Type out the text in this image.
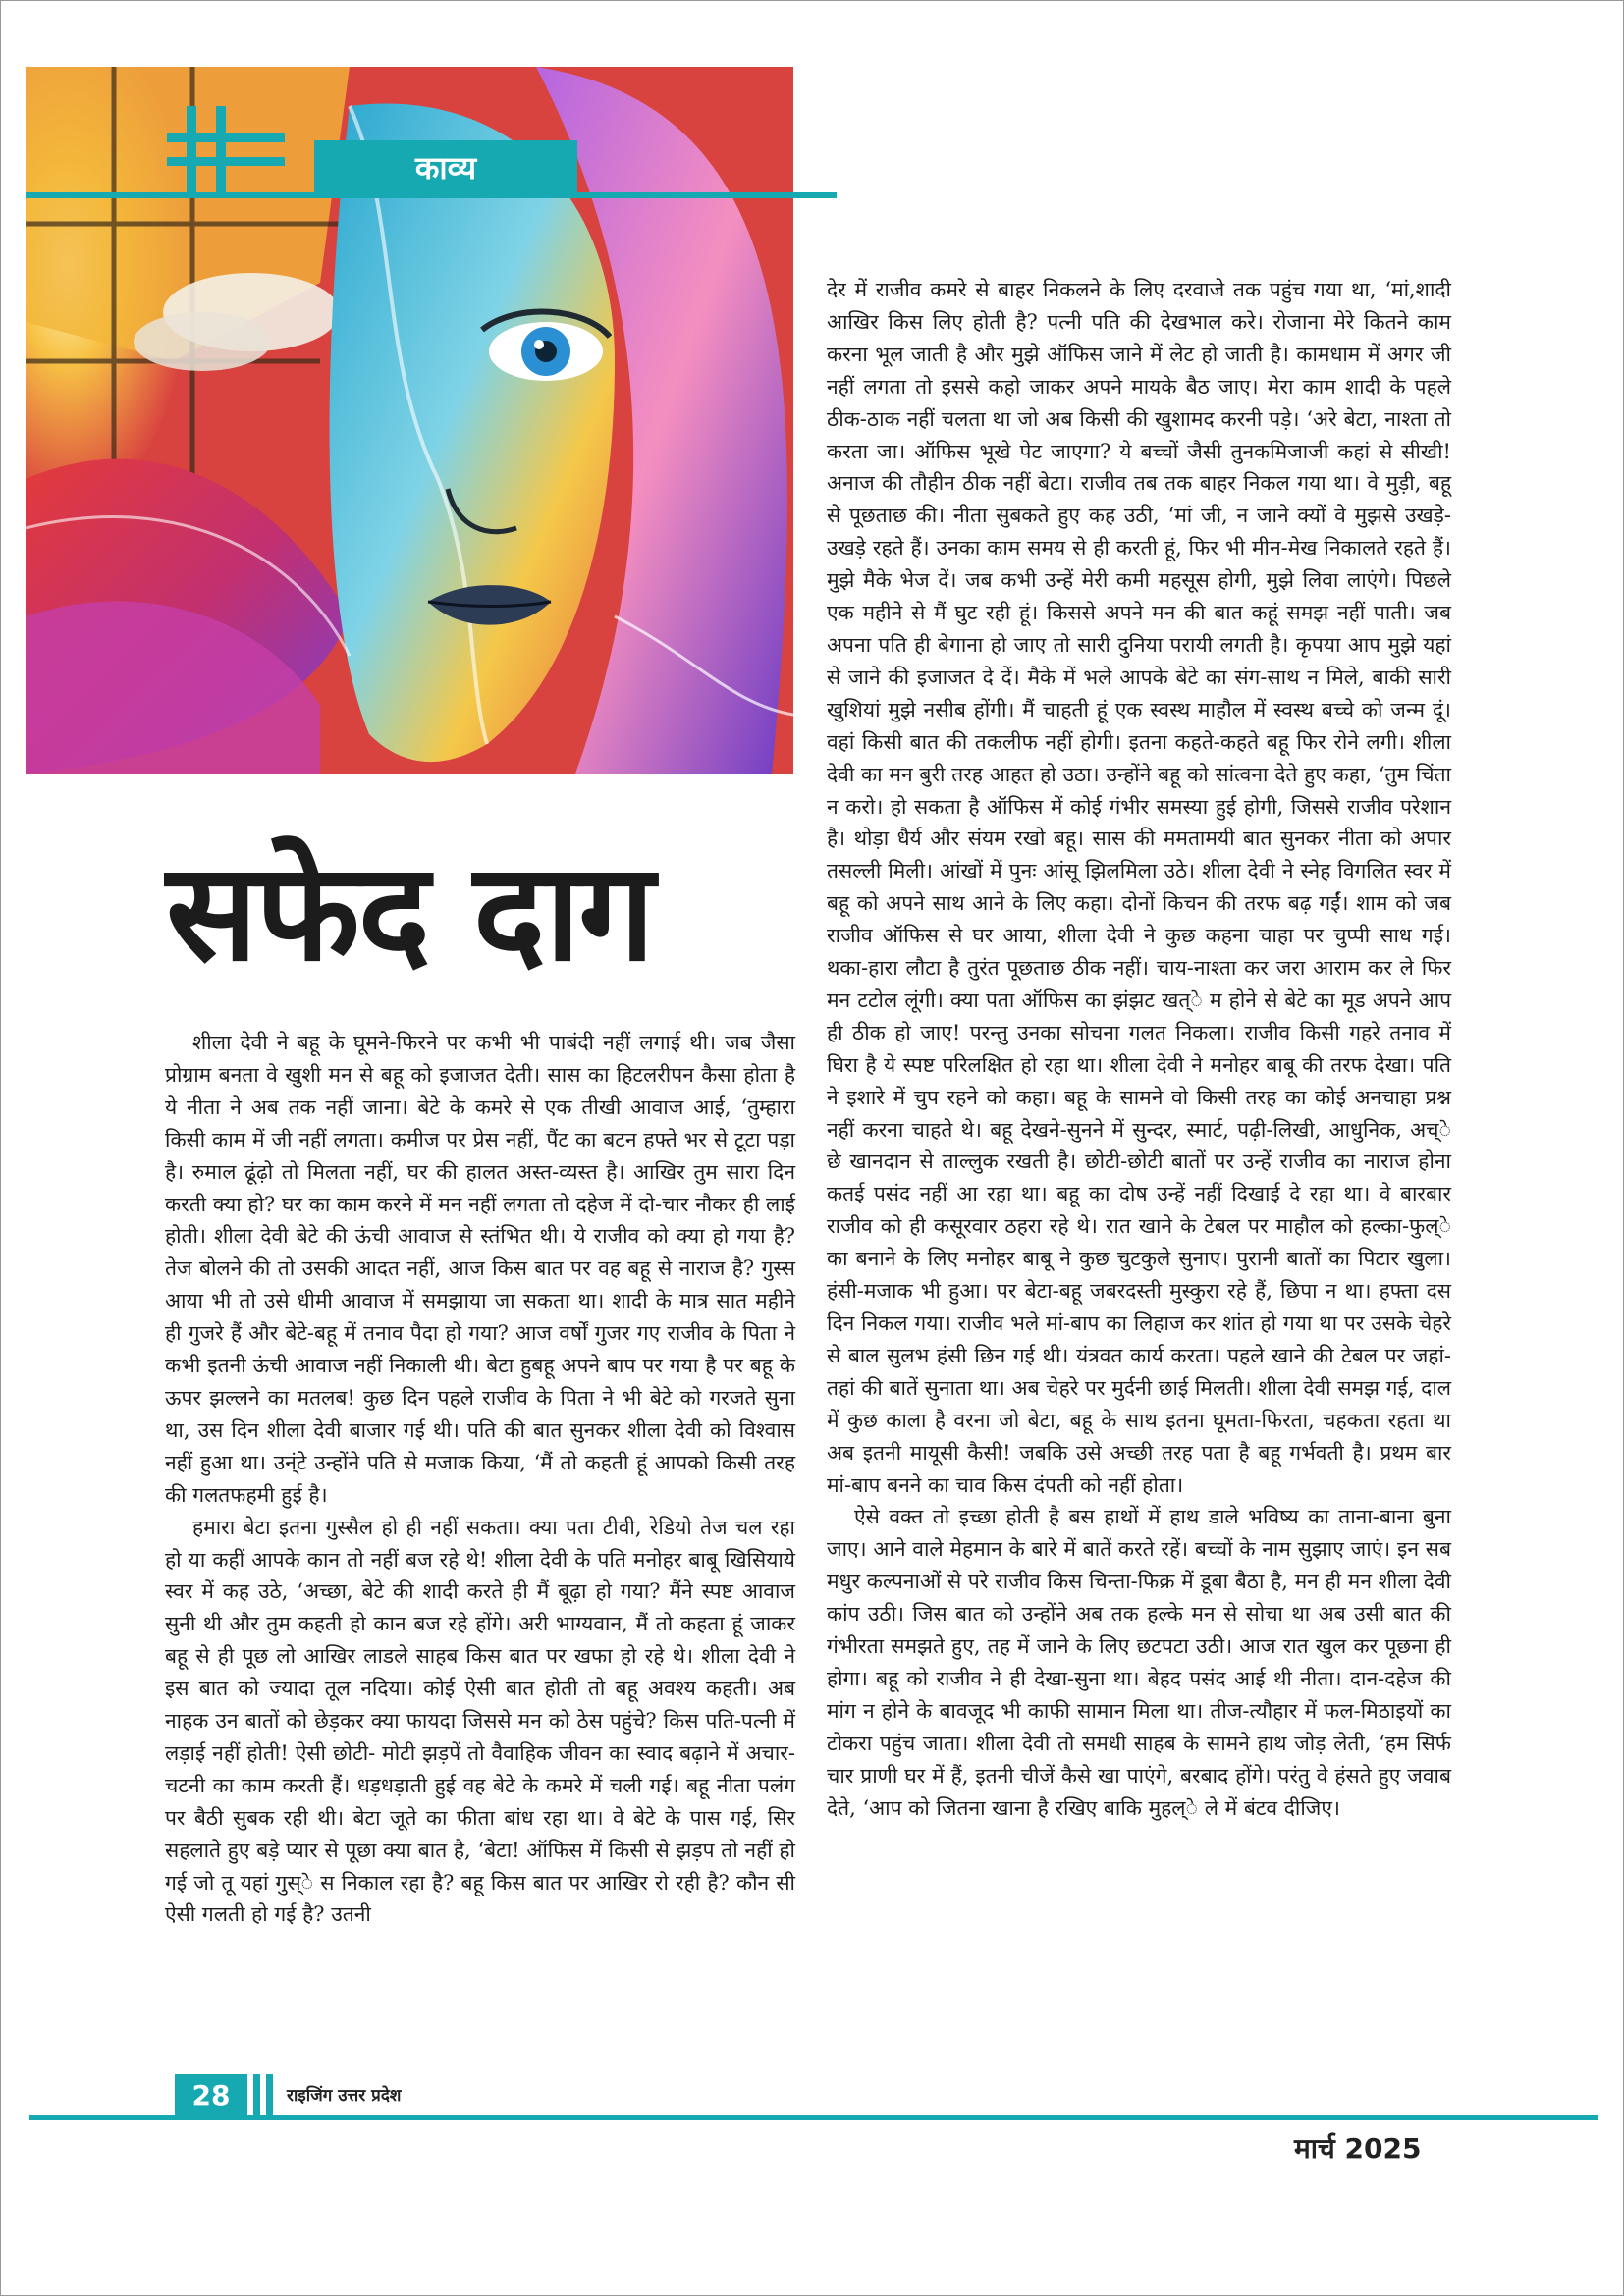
काव्य
सफेद दाग

शीला देवी ने बहू के घूमने-फिरने पर कभी भी पाबंदी नहीं लगाई थी। जब जैसा प्रोग्राम बनता वे खुशी मन से बहू को इजाजत देती। सास का हिटलरीपन कैसा होता है ये नीता ने अब तक नहीं जाना। बेटे के कमरे से एक तीखी आवाज आई, ‘तुम्हारा किसी काम में जी नहीं लगता। कमीज पर प्रेस नहीं, पैंट का बटन हफ्ते भर से टूटा पड़ा है। रुमाल ढूंढ़ो तो मिलता नहीं, घर की हालत अस्त-व्यस्त है। आखिर तुम सारा दिन करती क्या हो? घर का काम करने में मन नहीं लगता तो दहेज में दो-चार नौकर ही लाई होती। शीला देवी बेटे की ऊंची आवाज से स्तंभित थी। ये राजीव को क्या हो गया है? तेज बोलने की तो उसकी आदत नहीं, आज किस बात पर वह बहू से नाराज है? गुस्स आया भी तो उसे धीमी आवाज में समझाया जा सकता था। शादी के मात्र सात महीने ही गुजरे हैं और बेटे-बहू में तनाव पैदा हो गया? आज वर्षों गुजर गए राजीव के पिता ने कभी इतनी ऊंची आवाज नहीं निकाली थी। बेटा हुबहू अपने बाप पर गया है पर बहू के ऊपर झल्लने का मतलब! कुछ दिन पहले राजीव के पिता ने भी बेटे को गरजते सुना था, उस दिन शीला देवी बाजार गई थी। पति की बात सुनकर शीला देवी को विश्वास नहीं हुआ था। उन्ंटे उन्होंने पति से मजाक किया, ‘मैं तो कहती हूं आपको किसी तरह की गलतफहमी हुई है।

हमारा बेटा इतना गुस्सैल हो ही नहीं सकता। क्या पता टीवी, रेडियो तेज चल रहा हो या कहीं आपके कान तो नहीं बज रहे थे! शीला देवी के पति मनोहर बाबू खिसियाये स्वर में कह उठे, ‘अच्छा, बेटे की शादी करते ही मैं बूढ़ा हो गया? मैंने स्पष्ट आवाज सुनी थी और तुम कहती हो कान बज रहे होंगे। अरी भाग्यवान, मैं तो कहता हूं जाकर बहू से ही पूछ लो आखिर लाडले साहब किस बात पर खफा हो रहे थे। शीला देवी ने इस बात को ज्यादा तूल नदिया। कोई ऐसी बात होती तो बहू अवश्य कहती। अब नाहक उन बातों को छेड़कर क्या फायदा जिससे मन को ठेस पहुंचे? किस पति-पत्नी में लड़ाई नहीं होती! ऐसी छोटी- मोटी झड़पें तो वैवाहिक जीवन का स्वाद बढ़ाने में अचार-चटनी का काम करती हैं। धड़धड़ाती हुई वह बेटे के कमरे में चली गई। बहू नीता पलंग पर बैठी सुबक रही थी। बेटा जूते का फीता बांध रहा था। वे बेटे के पास गई, सिर सहलाते हुए बड़े प्यार से पूछा क्या बात है, ‘बेटा! ऑफिस में किसी से झड़प तो नहीं हो गई जो तू यहां गुस्े स निकाल रहा है? बहू किस बात पर आखिर रो रही है? कौन सी ऐसी गलती हो गई है? उतनी

देर में राजीव कमरे से बाहर निकलने के लिए दरवाजे तक पहुंच गया था, ‘मां,शादी आखिर किस लिए होती है? पत्नी पति की देखभाल करे। रोजाना मेरे कितने काम करना भूल जाती है और मुझे ऑफिस जाने में लेट हो जाती है। कामधाम में अगर जी नहीं लगता तो इससे कहो जाकर अपने मायके बैठ जाए। मेरा काम शादी के पहले ठीक-ठाक नहीं चलता था जो अब किसी की खुशामद करनी पड़े। ‘अरे बेटा, नाश्ता तो करता जा। ऑफिस भूखे पेट जाएगा? ये बच्चों जैसी तुनकमिजाजी कहां से सीखी! अनाज की तौहीन ठीक नहीं बेटा। राजीव तब तक बाहर निकल गया था। वे मुड़ी, बहू से पूछताछ की। नीता सुबकते हुए कह उठी, ‘मां जी, न जाने क्यों वे मुझसे उखड़े-उखड़े रहते हैं। उनका काम समय से ही करती हूं, फिर भी मीन-मेख निकालते रहते हैं। मुझे मैके भेज दें। जब कभी उन्हें मेरी कमी महसूस होगी, मुझे लिवा लाएंगे। पिछले एक महीने से मैं घुट रही हूं। किससे अपने मन की बात कहूं समझ नहीं पाती। जब अपना पति ही बेगाना हो जाए तो सारी दुनिया परायी लगती है। कृपया आप मुझे यहां से जाने की इजाजत दे दें। मैके में भले आपके बेटे का संग-साथ न मिले, बाकी सारी खुशियां मुझे नसीब होंगी। मैं चाहती हूं एक स्वस्थ माहौल में स्वस्थ बच्चे को जन्म दूं। वहां किसी बात की तकलीफ नहीं होगी। इतना कहते-कहते बहू फिर रोने लगी। शीला देवी का मन बुरी तरह आहत हो उठा। उन्होंने बहू को सांत्वना देते हुए कहा, ‘तुम चिंता न करो। हो सकता है ऑफिस में कोई गंभीर समस्या हुई होगी, जिससे राजीव परेशान है। थोड़ा धैर्य और संयम रखो बहू। सास की ममतामयी बात सुनकर नीता को अपार तसल्ली मिली। आंखों में पुनः आंसू झिलमिला उठे। शीला देवी ने स्नेह विगलित स्वर में बहू को अपने साथ आने के लिए कहा। दोनों किचन की तरफ बढ़ गईं। शाम को जब राजीव ऑफिस से घर आया, शीला देवी ने कुछ कहना चाहा पर चुप्पी साध गई। थका-हारा लौटा है तुरंत पूछताछ ठीक नहीं। चाय-नाश्ता कर जरा आराम कर ले फिर मन टटोल लूंगी। क्या पता ऑफिस का झंझट खत्े म होने से बेटे का मूड अपने आप ही ठीक हो जाए! परन्तु उनका सोचना गलत निकला। राजीव किसी गहरे तनाव में घिरा है ये स्पष्ट परिलक्षित हो रहा था। शीला देवी ने मनोहर बाबू की तरफ देखा। पति ने इशारे में चुप रहने को कहा। बहू के सामने वो किसी तरह का कोई अनचाहा प्रश्न नहीं करना चाहते थे। बहू देखने-सुनने में सुन्दर, स्मार्ट, पढ़ी-लिखी, आधुनिक, अच्े छे खानदान से ताल्लुक रखती है। छोटी-छोटी बातों पर उन्हें राजीव का नाराज होना कतई पसंद नहीं आ रहा था। बहू का दोष उन्हें नहीं दिखाई दे रहा था। वे बारबार राजीव को ही कसूरवार ठहरा रहे थे। रात खाने के टेबल पर माहौल को हल्का-फुल्े का बनाने के लिए मनोहर बाबू ने कुछ चुटकुले सुनाए। पुरानी बातों का पिटार खुला। हंसी-मजाक भी हुआ। पर बेटा-बहू जबरदस्ती मुस्कुरा रहे हैं, छिपा न था। हफ्ता दस दिन निकल गया। राजीव भले मां-बाप का लिहाज कर शांत हो गया था पर उसके चेहरे से बाल सुलभ हंसी छिन गई थी। यंत्रवत कार्य करता। पहले खाने की टेबल पर जहां-तहां की बातें सुनाता था। अब चेहरे पर मुर्दनी छाई मिलती। शीला देवी समझ गई, दाल में कुछ काला है वरना जो बेटा, बहू के साथ इतना घूमता-फिरता, चहकता रहता था अब इतनी मायूसी कैसी! जबकि उसे अच्छी तरह पता है बहू गर्भवती है। प्रथम बार मां-बाप बनने का चाव किस दंपती को नहीं होता।

ऐसे वक्त तो इच्छा होती है बस हाथों में हाथ डाले भविष्य का ताना-बाना बुना जाए। आने वाले मेहमान के बारे में बातें करते रहें। बच्चों के नाम सुझाए जाएं। इन सब मधुर कल्पनाओं से परे राजीव किस चिन्ता-फिक्र में डूबा बैठा है, मन ही मन शीला देवी कांप उठी। जिस बात को उन्होंने अब तक हल्के मन से सोचा था अब उसी बात की गंभीरता समझते हुए, तह में जाने के लिए छटपटा उठी। आज रात खुल कर पूछना ही होगा। बहू को राजीव ने ही देखा-सुना था। बेहद पसंद आई थी नीता। दान-दहेज की मांग न होने के बावजूद भी काफी सामान मिला था। तीज-त्यौहार में फल-मिठाइयों का टोकरा पहुंच जाता। शीला देवी तो समधी साहब के सामने हाथ जोड़ लेती, ‘हम सिर्फ चार प्राणी घर में हैं, इतनी चीजें कैसे खा पाएंगे, बरबाद होंगे। परंतु वे हंसते हुए जवाब देते, ‘आप को जितना खाना है रखिए बाकि मुहल्े ले में बंटव दीजिए।

28	राइजिंग उत्तर प्रदेश
मार्च 2025
